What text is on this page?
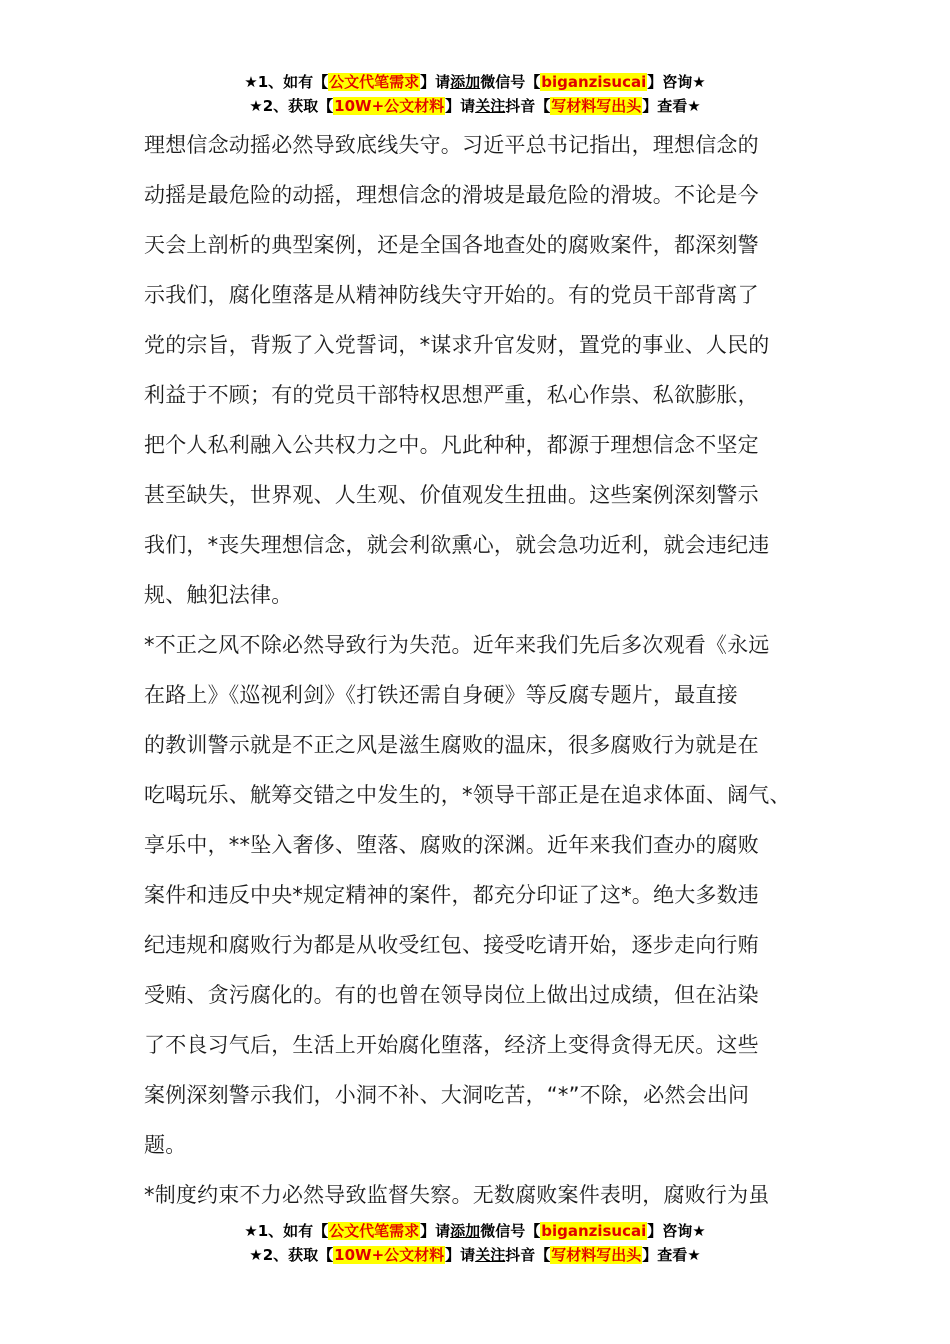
★1、如有【公文代笔需求】请添加微信号【biganzisucai】咨询★
★2、获取【10W+公文材料】请关注抖音【写材料写出头】查看★
理想信念动摇必然导致底线失守。习近平总书记指出，理想信念的
动摇是最危险的动摇，理想信念的滑坡是最危险的滑坡。不论是今
天会上剖析的典型案例，还是全国各地查处的腐败案件，都深刻警
示我们，腐化堕落是从精神防线失守开始的。有的党员干部背离了
党的宗旨，背叛了入党誓词，*谋求升官发财，置党的事业、人民的
利益于不顾；有的党员干部特权思想严重，私心作祟、私欲膨胀，
把个人私利融入公共权力之中。凡此种种，都源于理想信念不坚定
甚至缺失，世界观、人生观、价值观发生扭曲。这些案例深刻警示
我们，*丧失理想信念，就会利欲熏心，就会急功近利，就会违纪违
规、触犯法律。
*不正之风不除必然导致行为失范。近年来我们先后多次观看《永远
在路上》《巡视利剑》《打铁还需自身硬》等反腐专题片，最直接
的教训警示就是不正之风是滋生腐败的温床，很多腐败行为就是在
吃喝玩乐、觥筹交错之中发生的，*领导干部正是在追求体面、阔气、
享乐中，**坠入奢侈、堕落、腐败的深渊。近年来我们查办的腐败
案件和违反中央*规定精神的案件，都充分印证了这*。绝大多数违
纪违规和腐败行为都是从收受红包、接受吃请开始，逐步走向行贿
受贿、贪污腐化的。有的也曾在领导岗位上做出过成绩，但在沾染
了不良习气后，生活上开始腐化堕落，经济上变得贪得无厌。这些
案例深刻警示我们，小洞不补、大洞吃苦，“*”不除，必然会出问
题。
*制度约束不力必然导致监督失察。无数腐败案件表明，腐败行为虽
★1、如有【公文代笔需求】请添加微信号【biganzisucai】咨询★
★2、获取【10W+公文材料】请关注抖音【写材料写出头】查看★
